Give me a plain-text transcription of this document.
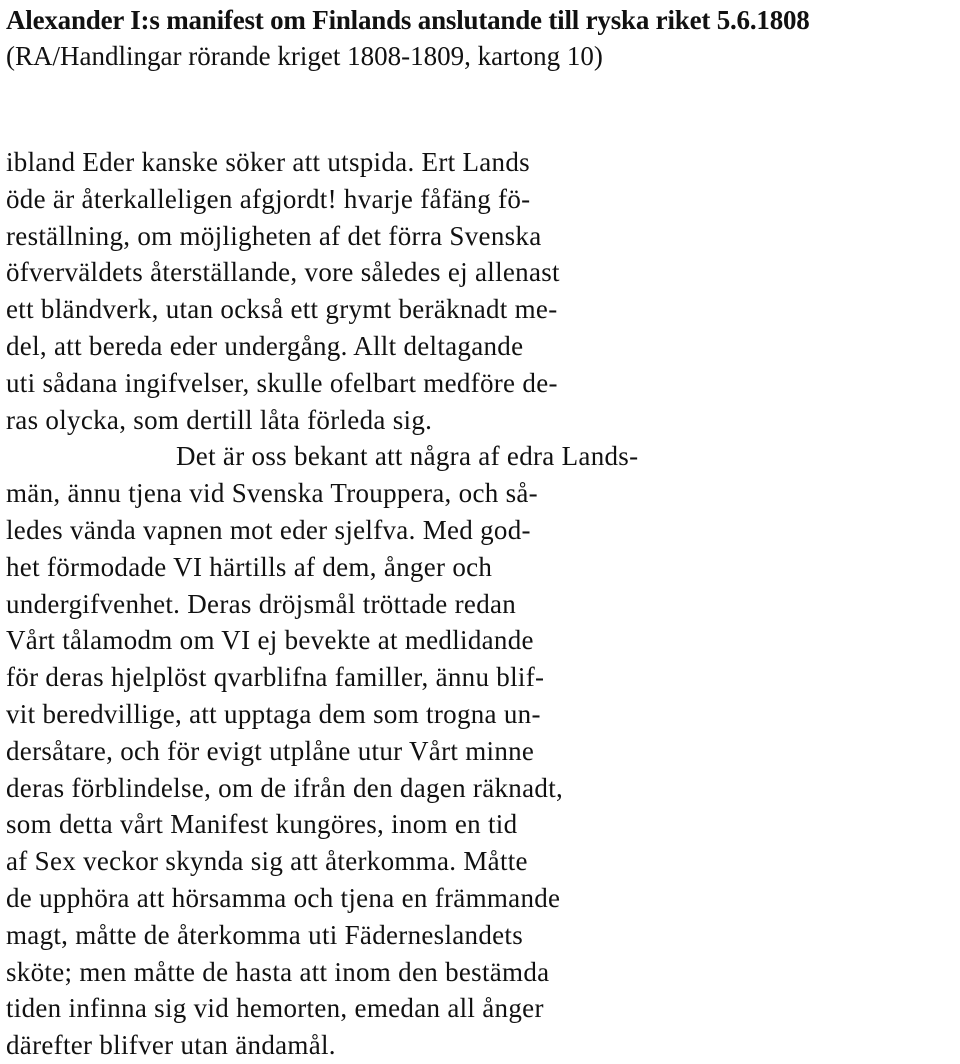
Alexander I:s manifest om Finlands anslutande till ryska riket 5.6.1808
(RA/Handlingar rörande kriget 1808-1809, kartong 10)
ibland Eder kanske söker att utspida. Ert Lands
öde är återkalleligen afgjordt! hvarje fåfäng fö-
reställning, om möjligheten af det förra Svenska
öfverväldets återställande, vore således ej allenast
ett bländverk, utan också ett grymt beräknadt me-
del, att bereda eder undergång. Allt deltagande
uti sådana ingifvelser, skulle ofelbart medföre de-
ras olycka, som dertill låta förleda sig.
Det är oss bekant att några af edra Lands-
män, ännu tjena vid Svenska Trouppera, och så-
ledes vända vapnen mot eder sjelfva. Med god-
het förmodade VI härtills af dem, ånger och
undergifvenhet. Deras dröjsmål tröttade redan
Vårt tålamodm om VI ej bevekte at medlidande
för deras hjelplöst qvarblifna familler, ännu blif-
vit beredvillige, att upptaga dem som trogna un-
dersåtare, och för evigt utplåne utur Vårt minne
deras förblindelse, om de ifrån den dagen räknadt,
som detta vårt Manifest kungöres, inom en tid
af Sex veckor skynda sig att återkomma. Måtte
de upphöra att hörsamma och tjena en främmande
magt, måtte de återkomma uti Fäderneslandets
sköte; men måtte de hasta att inom den bestämda
tiden infinna sig vid hemorten, emedan all ånger
därefter blifver utan ändamål.
